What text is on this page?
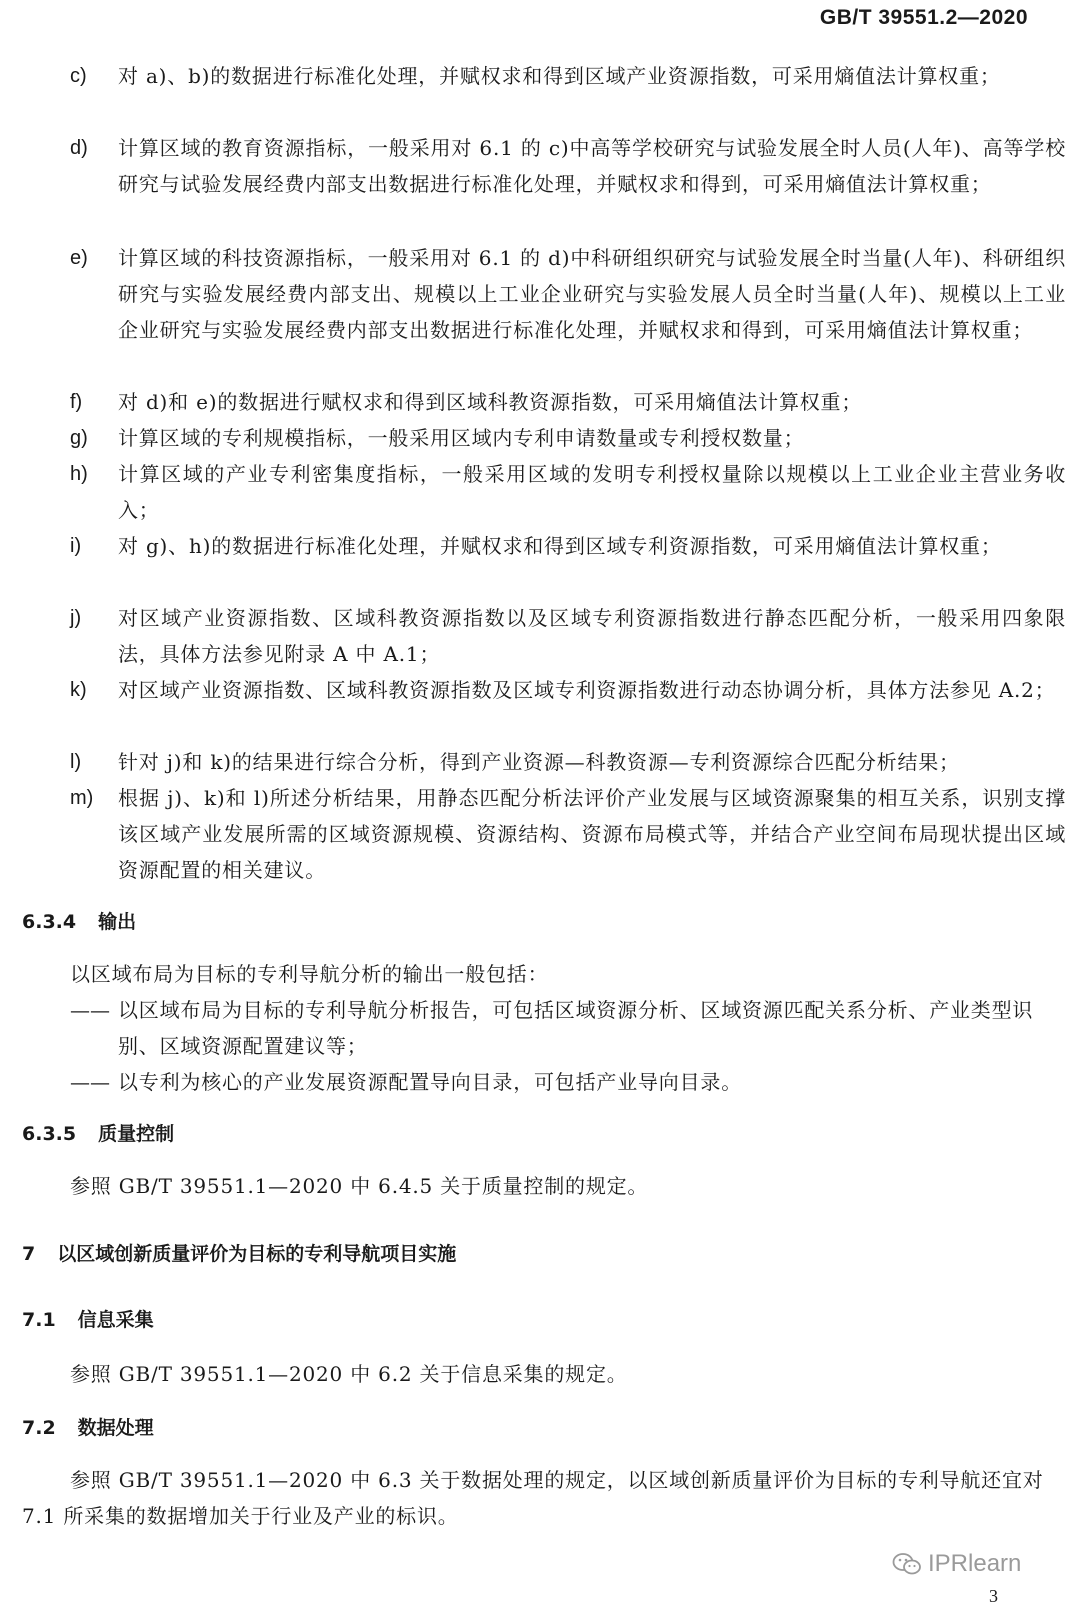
GB/T 39551.2—2020
c)	对 a)、b)的数据进行标准化处理，并赋权求和得到区域产业资源指数，可采用熵值法计算权重；
d)	计算区域的教育资源指标，一般采用对 6.1 的 c)中高等学校研究与试验发展全时人员(人年)、高等学校研究与试验发展经费内部支出数据进行标准化处理，并赋权求和得到，可采用熵值法计算权重；
e)	计算区域的科技资源指标，一般采用对 6.1 的 d)中科研组织研究与试验发展全时当量(人年)、科研组织研究与实验发展经费内部支出、规模以上工业企业研究与实验发展人员全时当量(人年)、规模以上工业企业研究与实验发展经费内部支出数据进行标准化处理，并赋权求和得到，可采用熵值法计算权重；
f)	对 d)和 e)的数据进行赋权求和得到区域科教资源指数，可采用熵值法计算权重；
g)	计算区域的专利规模指标，一般采用区域内专利申请数量或专利授权数量；
h)	计算区域的产业专利密集度指标，一般采用区域的发明专利授权量除以规模以上工业企业主营业务收入；
i)	对 g)、h)的数据进行标准化处理，并赋权求和得到区域专利资源指数，可采用熵值法计算权重；
j)	对区域产业资源指数、区域科教资源指数以及区域专利资源指数进行静态匹配分析，一般采用四象限法，具体方法参见附录 A 中 A.1；
k)	对区域产业资源指数、区域科教资源指数及区域专利资源指数进行动态协调分析，具体方法参见 A.2；
l)	针对 j)和 k)的结果进行综合分析，得到产业资源—科教资源—专利资源综合匹配分析结果；
m)	根据 j)、k)和 l)所述分析结果，用静态匹配分析法评价产业发展与区域资源聚集的相互关系，识别支撑该区域产业发展所需的区域资源规模、资源结构、资源布局模式等，并结合产业空间布局现状提出区域资源配置的相关建议。
6.3.4 输出
以区域布局为目标的专利导航分析的输出一般包括：
—— 以区域布局为目标的专利导航分析报告，可包括区域资源分析、区域资源匹配关系分析、产业类型识别、区域资源配置建议等；
—— 以专利为核心的产业发展资源配置导向目录，可包括产业导向目录。
6.3.5 质量控制
参照 GB/T 39551.1—2020 中 6.4.5 关于质量控制的规定。
7 以区域创新质量评价为目标的专利导航项目实施
7.1 信息采集
参照 GB/T 39551.1—2020 中 6.2 关于信息采集的规定。
7.2 数据处理
参照 GB/T 39551.1—2020 中 6.3 关于数据处理的规定，以区域创新质量评价为目标的专利导航还宜对 7.1 所采集的数据增加关于行业及产业的标识。
IPRlearn
3
